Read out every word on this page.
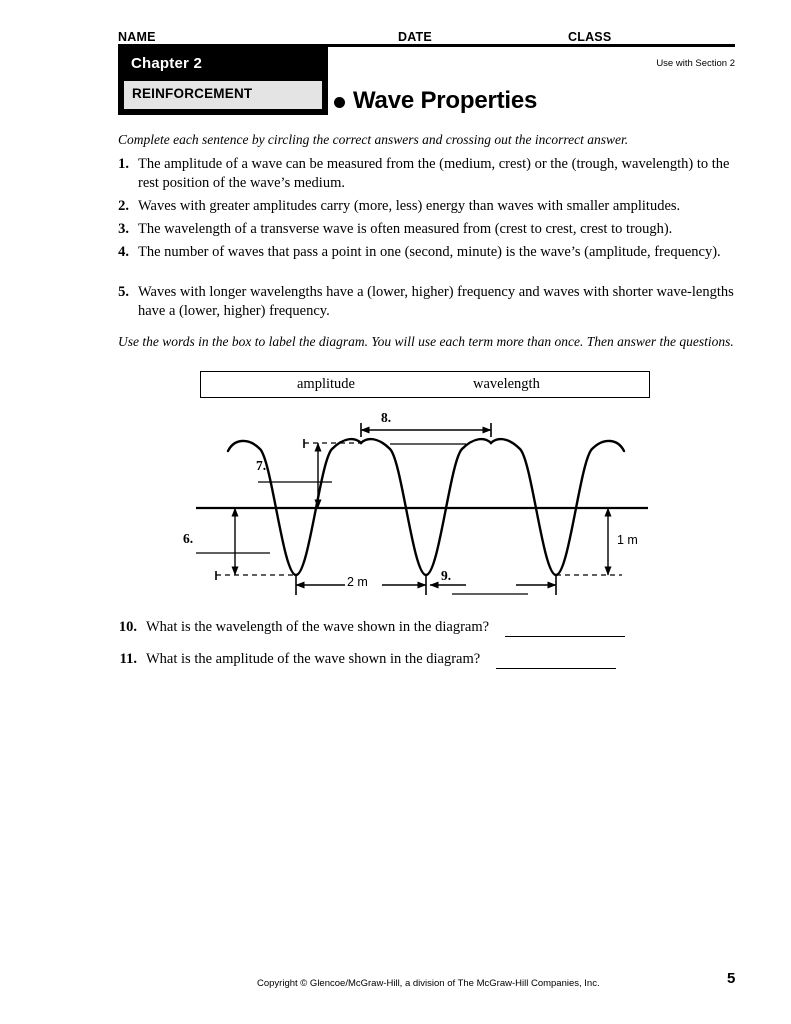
NAME	DATE	CLASS
Chapter 2
REINFORCEMENT
Use with Section 2
Wave Properties
Complete each sentence by circling the correct answers and crossing out the incorrect answer.
1. The amplitude of a wave can be measured from the (medium, crest) or the (trough, wavelength) to the rest position of the wave’s medium.
2. Waves with greater amplitudes carry (more, less) energy than waves with smaller amplitudes.
3. The wavelength of a transverse wave is often measured from (crest to crest, crest to trough).
4. The number of waves that pass a point in one (second, minute) is the wave’s (amplitude, frequency).
5. Waves with longer wavelengths have a (lower, higher) frequency and waves with shorter wave-lengths have a (lower, higher) frequency.
Use the words in the box to label the diagram. You will use each term more than once. Then answer the questions.
amplitude	wavelength
6.
7.
8.
9.
2 m
1 m
10. What is the wavelength of the wave shown in the diagram?
11. What is the amplitude of the wave shown in the diagram?
Copyright © Glencoe/McGraw-Hill, a division of The McGraw-Hill Companies, Inc.	5
